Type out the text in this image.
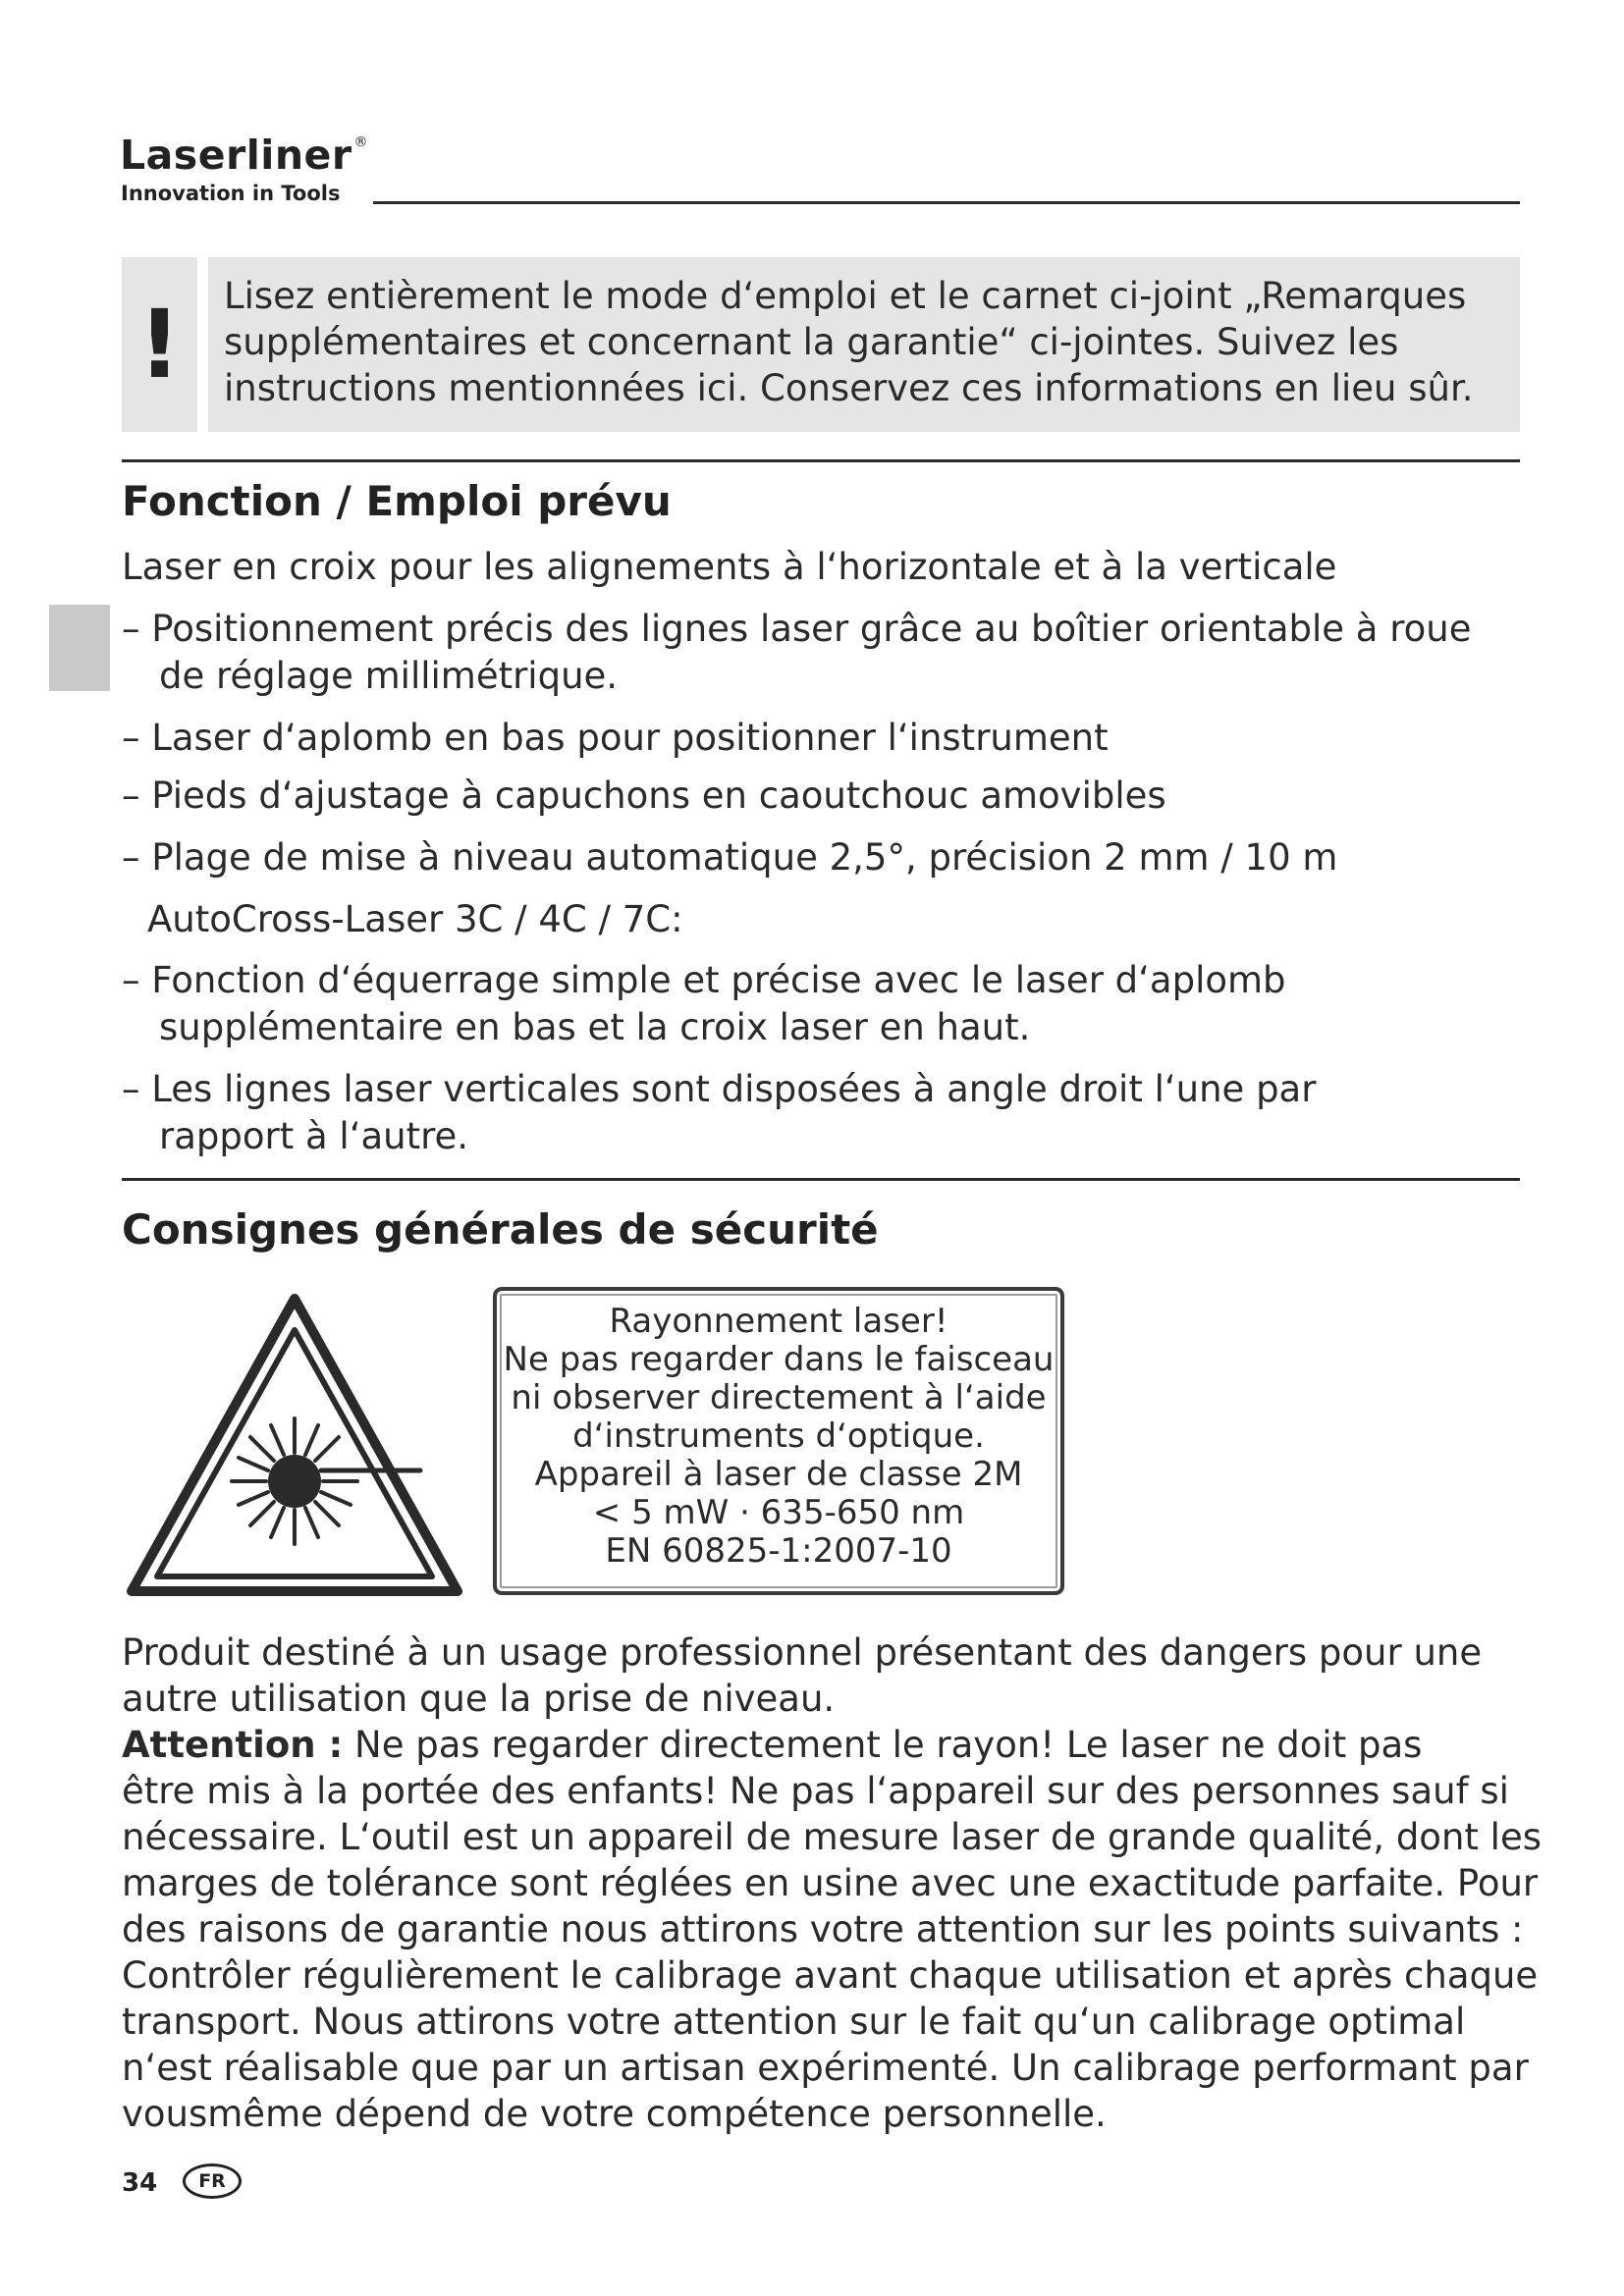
Laserliner ®
Innovation in Tools
! Lisez entièrement le mode d‘emploi et le carnet ci-joint „Remarques
supplémentaires et concernant la garantie“ ci-jointes. Suivez les
instructions mentionnées ici. Conservez ces informations en lieu sûr.
Fonction / Emploi prévu
Laser en croix pour les alignements à l‘horizontale et à la verticale
– Positionnement précis des lignes laser grâce au boîtier orientable à roue
de réglage millimétrique.
– Laser d‘aplomb en bas pour positionner l‘instrument
– Pieds d‘ajustage à capuchons en caoutchouc amovibles
– Plage de mise à niveau automatique 2,5°, précision 2 mm / 10 m
AutoCross-Laser 3C / 4C / 7C:
– Fonction d‘équerrage simple et précise avec le laser d‘aplomb
supplémentaire en bas et la croix laser en haut.
– Les lignes laser verticales sont disposées à angle droit l‘une par
rapport à l‘autre.
Consignes générales de sécurité
Rayonnement laser!
Ne pas regarder dans le faisceau
ni observer directement à l‘aide
d‘instruments d‘optique.
Appareil à laser de classe 2M
< 5 mW · 635-650 nm
EN 60825-1:2007-10
Produit destiné à un usage professionnel présentant des dangers pour une
autre utilisation que la prise de niveau.
Attention : Ne pas regarder directement le rayon! Le laser ne doit pas
être mis à la portée des enfants! Ne pas l‘appareil sur des personnes sauf si
nécessaire. L‘outil est un appareil de mesure laser de grande qualité, dont les
marges de tolérance sont réglées en usine avec une exactitude parfaite. Pour
des raisons de garantie nous attirons votre attention sur les points suivants :
Contrôler régulièrement le calibrage avant chaque utilisation et après chaque
transport. Nous attirons votre attention sur le fait qu‘un calibrage optimal
n‘est réalisable que par un artisan expérimenté. Un calibrage performant par
vousmême dépend de votre compétence personnelle.
34	FR
